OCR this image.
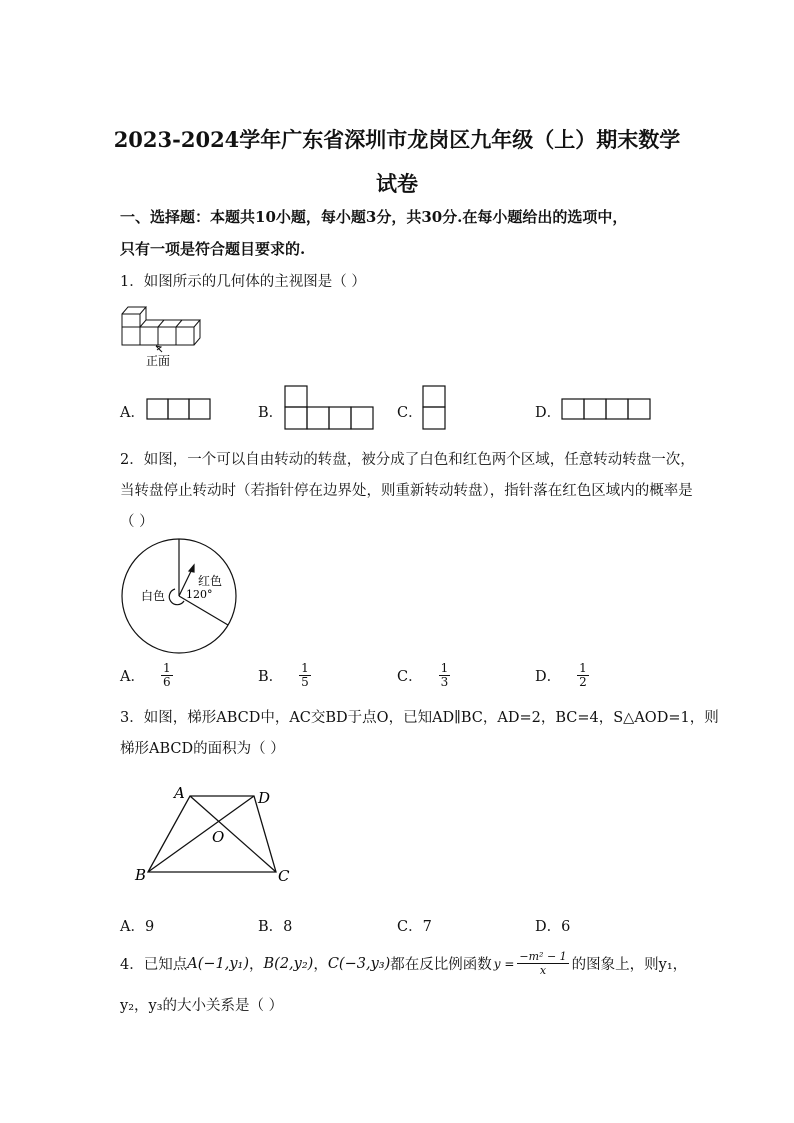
2023-2024学年广东省深圳市龙岗区九年级（上）期末数学
试卷
一、选择题：本题共10小题，每小题3分，共30分.在每小题给出的选项中，
只有一项是符合题目要求的.
1．如图所示的几何体的主视图是（ ）
正面
A．	B．	C．	D．
2．如图，一个可以自由转动的转盘，被分成了白色和红色两个区域，任意转动转盘一次，
当转盘停止转动时（若指针停在边界处，则重新转动转盘），指针落在红色区域内的概率是
（ ）
白色
红色
120°
A． $\frac{1}{6}$	B． $\frac{1}{5}$	C． $\frac{1}{3}$	D． $\frac{1}{2}$
3．如图，梯形ABCD中，AC交BD于点O，已知AD∥BC，AD=2，BC=4，S△AOD=1，则
梯形ABCD的面积为（ ）
A	D
O
B	C
A．9	B．8	C．7	D．6
4．已知点 A(−1,y₁) ， B(2,y₂) ， C(−3,y₃) 都在反比例函数 $y = \frac{\text{−m² − 1}}{x}$ 的图象上，则y₁，
y₂，y₃的大小关系是（ ）
